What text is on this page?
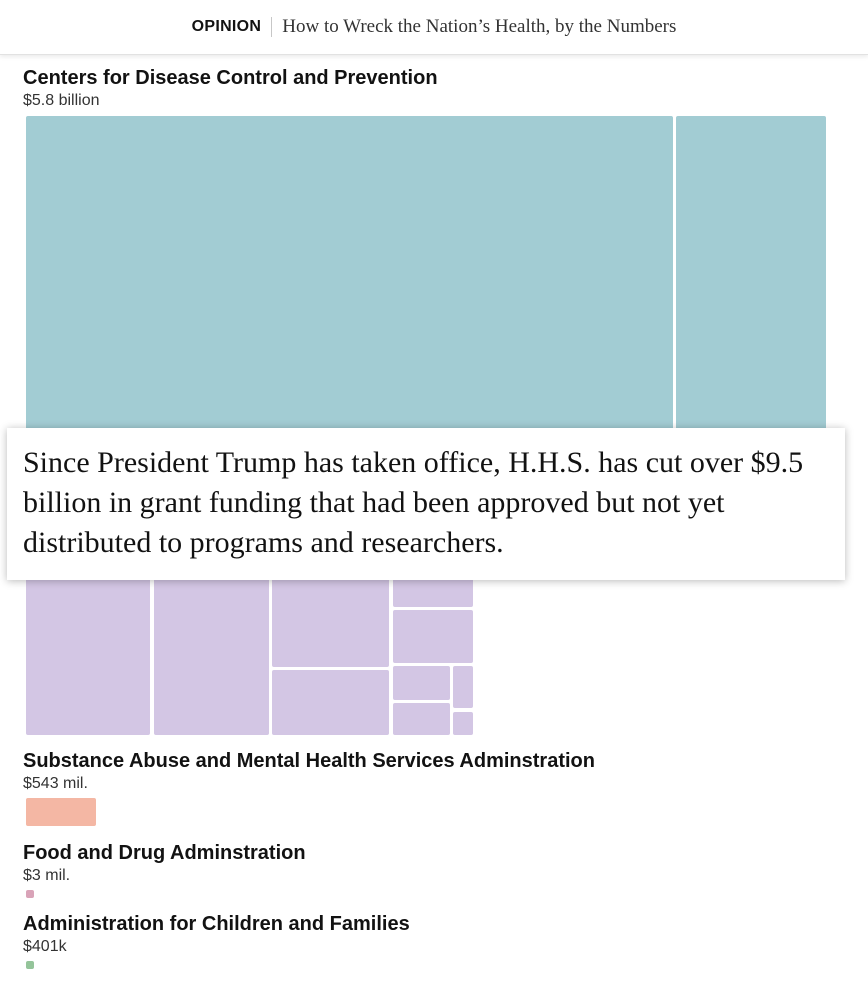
OPINION How to Wreck the Nation’s Health, by the Numbers
Centers for Disease Control and Prevention
$5.8 billion
Since President Trump has taken office, H.H.S. has cut over $9.5 billion in grant funding that had been approved but not yet distributed to programs and researchers.
Substance Abuse and Mental Health Services Adminstration
$543 mil.
Food and Drug Adminstration
$3 mil.
Administration for Children and Families
$401k
